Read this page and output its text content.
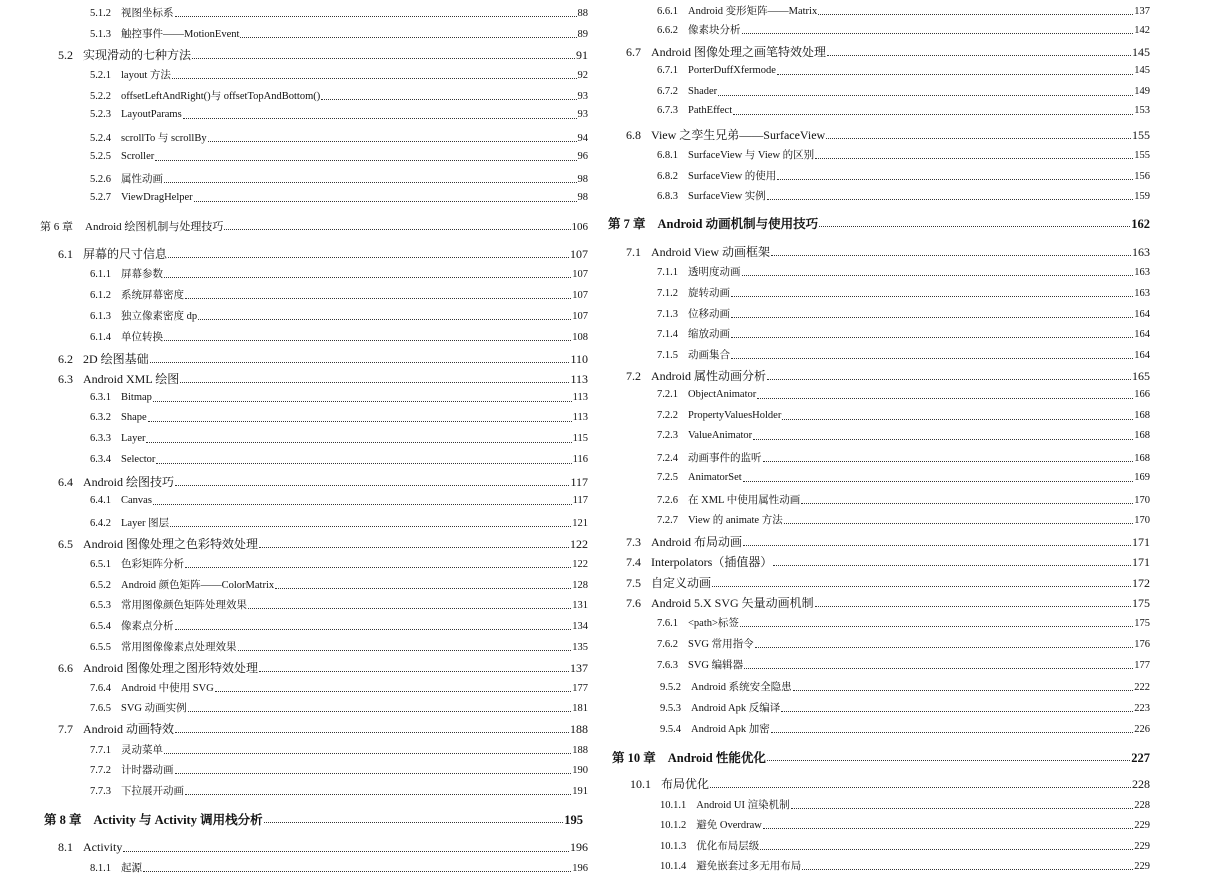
5.1.2 视图坐标系	88
5.1.3 触控事件——MotionEvent	89
5.2 实现滑动的七种方法	91
5.2.1 layout 方法	92
5.2.2 offsetLeftAndRight()与 offsetTopAndBottom()	93
5.2.3 LayoutParams	93
5.2.4 scrollTo 与 scrollBy	94
5.2.5 Scroller	96
5.2.6 属性动画	98
5.2.7 ViewDragHelper	98
第 6 章 Android 绘图机制与处理技巧	106
6.1 屏幕的尺寸信息	107
6.1.1 屏幕参数	107
6.1.2 系统屏幕密度	107
6.1.3 独立像素密度 dp	107
6.1.4 单位转换	108
6.2 2D 绘图基础	110
6.3 Android XML 绘图	113
6.3.1 Bitmap	113
6.3.2 Shape	113
6.3.3 Layer	115
6.3.4 Selector	116
6.4 Android 绘图技巧	117
6.4.1 Canvas	117
6.4.2 Layer 图层	121
6.5 Android 图像处理之色彩特效处理	122
6.5.1 色彩矩阵分析	122
6.5.2 Android 颜色矩阵——ColorMatrix	128
6.5.3 常用图像颜色矩阵处理效果	131
6.5.4 像素点分析	134
6.5.5 常用图像像素点处理效果	135
6.6 Android 图像处理之图形特效处理	137
7.6.4 Android 中使用 SVG	177
7.6.5 SVG 动画实例	181
7.7 Android 动画特效	188
7.7.1 灵动菜单	188
7.7.2 计时器动画	190
7.7.3 下拉展开动画	191
第 8 章 Activity 与 Activity 调用栈分析	195
8.1 Activity	196
8.1.1 起源	196
6.6.1 Android 变形矩阵——Matrix	137
6.6.2 像素块分析	142
6.7 Android 图像处理之画笔特效处理	145
6.7.1 PorterDuffXfermode	145
6.7.2 Shader	149
6.7.3 PathEffect	153
6.8 View 之孪生兄弟——SurfaceView	155
6.8.1 SurfaceView 与 View 的区别	155
6.8.2 SurfaceView 的使用	156
6.8.3 SurfaceView 实例	159
第 7 章 Android 动画机制与使用技巧	162
7.1 Android View 动画框架	163
7.1.1 透明度动画	163
7.1.2 旋转动画	163
7.1.3 位移动画	164
7.1.4 缩放动画	164
7.1.5 动画集合	164
7.2 Android 属性动画分析	165
7.2.1 ObjectAnimator	166
7.2.2 PropertyValuesHolder	168
7.2.3 ValueAnimator	168
7.2.4 动画事件的监听	168
7.2.5 AnimatorSet	169
7.2.6 在 XML 中使用属性动画	170
7.2.7 View 的 animate 方法	170
7.3 Android 布局动画	171
7.4 Interpolators（插值器）	171
7.5 自定义动画	172
7.6 Android 5.X SVG 矢量动画机制	175
7.6.1 <path>标签	175
7.6.2 SVG 常用指令	176
7.6.3 SVG 编辑器	177
9.5.2 Android 系统安全隐患	222
9.5.3 Android Apk 反编译	223
9.5.4 Android Apk 加密	226
第 10 章 Android 性能优化	227
10.1 布局优化	228
10.1.1 Android UI 渲染机制	228
10.1.2 避免 Overdraw	229
10.1.3 优化布局层级	229
10.1.4 避免嵌套过多无用布局	229
